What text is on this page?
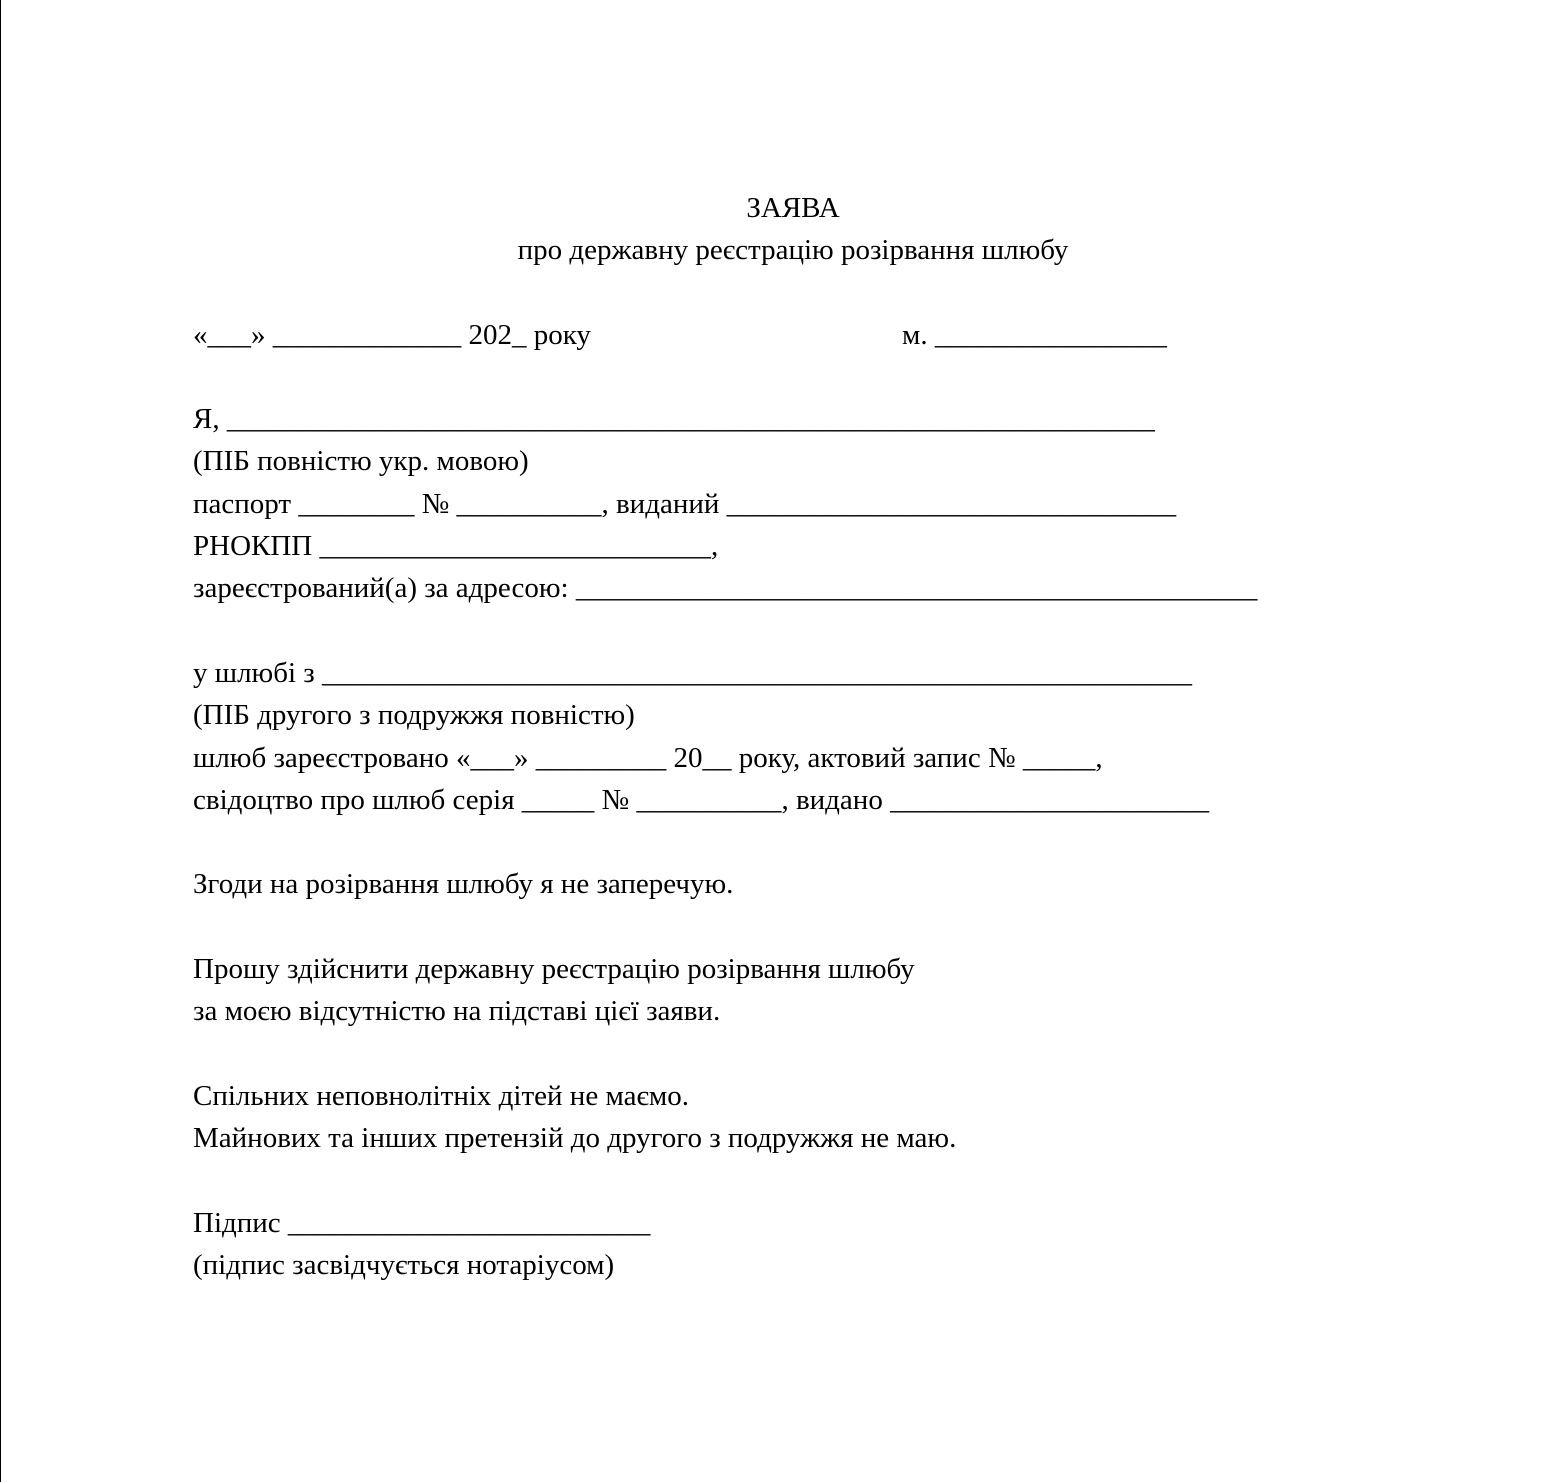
ЗАЯВА

про державну реєстрацію розірвання шлюбу

«___» _____________ 202_ року	м. ________________

Я, ________________________________________________________________

(ПІБ повністю укр. мовою)

паспорт ________ № __________, виданий _______________________________

РНОКПП ___________________________,

зареєстрований(а) за адресою: _______________________________________________

у шлюбі з ____________________________________________________________

(ПІБ другого з подружжя повністю)

шлюб зареєстровано «___» _________ 20__ року, актовий запис № _____,

свідоцтво про шлюб серія _____ № __________, видано ______________________

Згоди на розірвання шлюбу я не заперечую.

Прошу здійснити державну реєстрацію розірвання шлюбу

за моєю відсутністю на підставі цієї заяви.

Спільних неповнолітніх дітей не маємо.

Майнових та інших претензій до другого з подружжя не маю.

Підпис _________________________

(підпис засвідчується нотаріусом)
